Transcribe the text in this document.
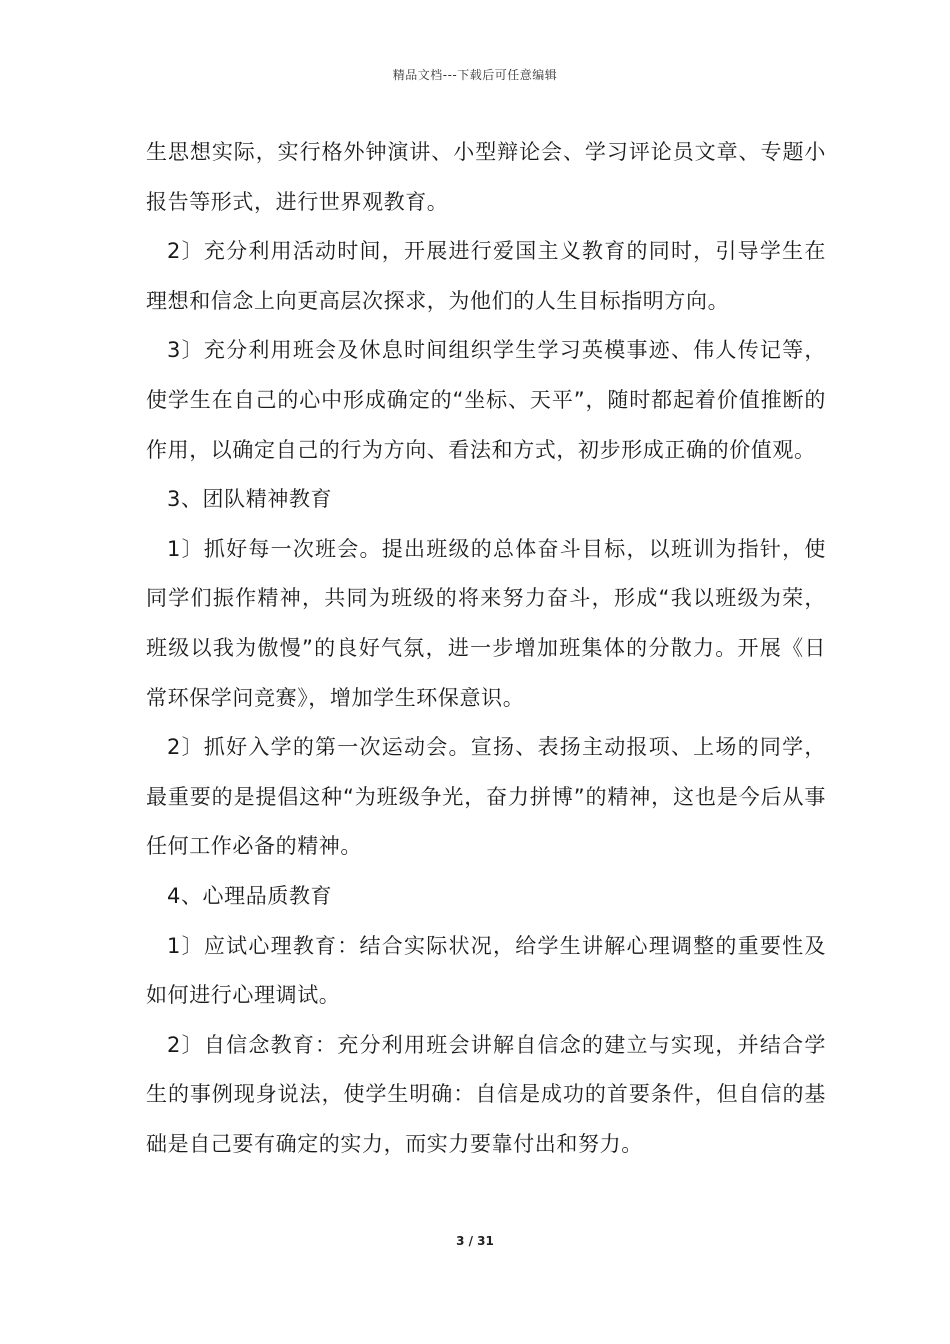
精品文档---下载后可任意编辑

生思想实际，实行格外钟演讲、小型辩论会、学习评论员文章、专题小报告等形式，进行世界观教育。

2〕充分利用活动时间，开展进行爱国主义教育的同时，引导学生在理想和信念上向更高层次探求，为他们的人生目标指明方向。

3〕充分利用班会及休息时间组织学生学习英模事迹、伟人传记等，使学生在自己的心中形成确定的“坐标、天平”，随时都起着价值推断的作用，以确定自己的行为方向、看法和方式，初步形成正确的价值观。

3、团队精神教育

1〕抓好每一次班会。提出班级的总体奋斗目标，以班训为指针，使同学们振作精神，共同为班级的将来努力奋斗，形成“我以班级为荣，班级以我为傲慢”的良好气氛，进一步增加班集体的分散力。开展《日常环保学问竞赛》，增加学生环保意识。

2〕抓好入学的第一次运动会。宣扬、表扬主动报项、上场的同学，最重要的是提倡这种“为班级争光，奋力拼博”的精神，这也是今后从事任何工作必备的精神。

4、心理品质教育

1〕应试心理教育：结合实际状况，给学生讲解心理调整的重要性及如何进行心理调试。

2〕自信念教育：充分利用班会讲解自信念的建立与实现，并结合学生的事例现身说法，使学生明确：自信是成功的首要条件，但自信的基础是自己要有确定的实力，而实力要靠付出和努力。

3 / 31
